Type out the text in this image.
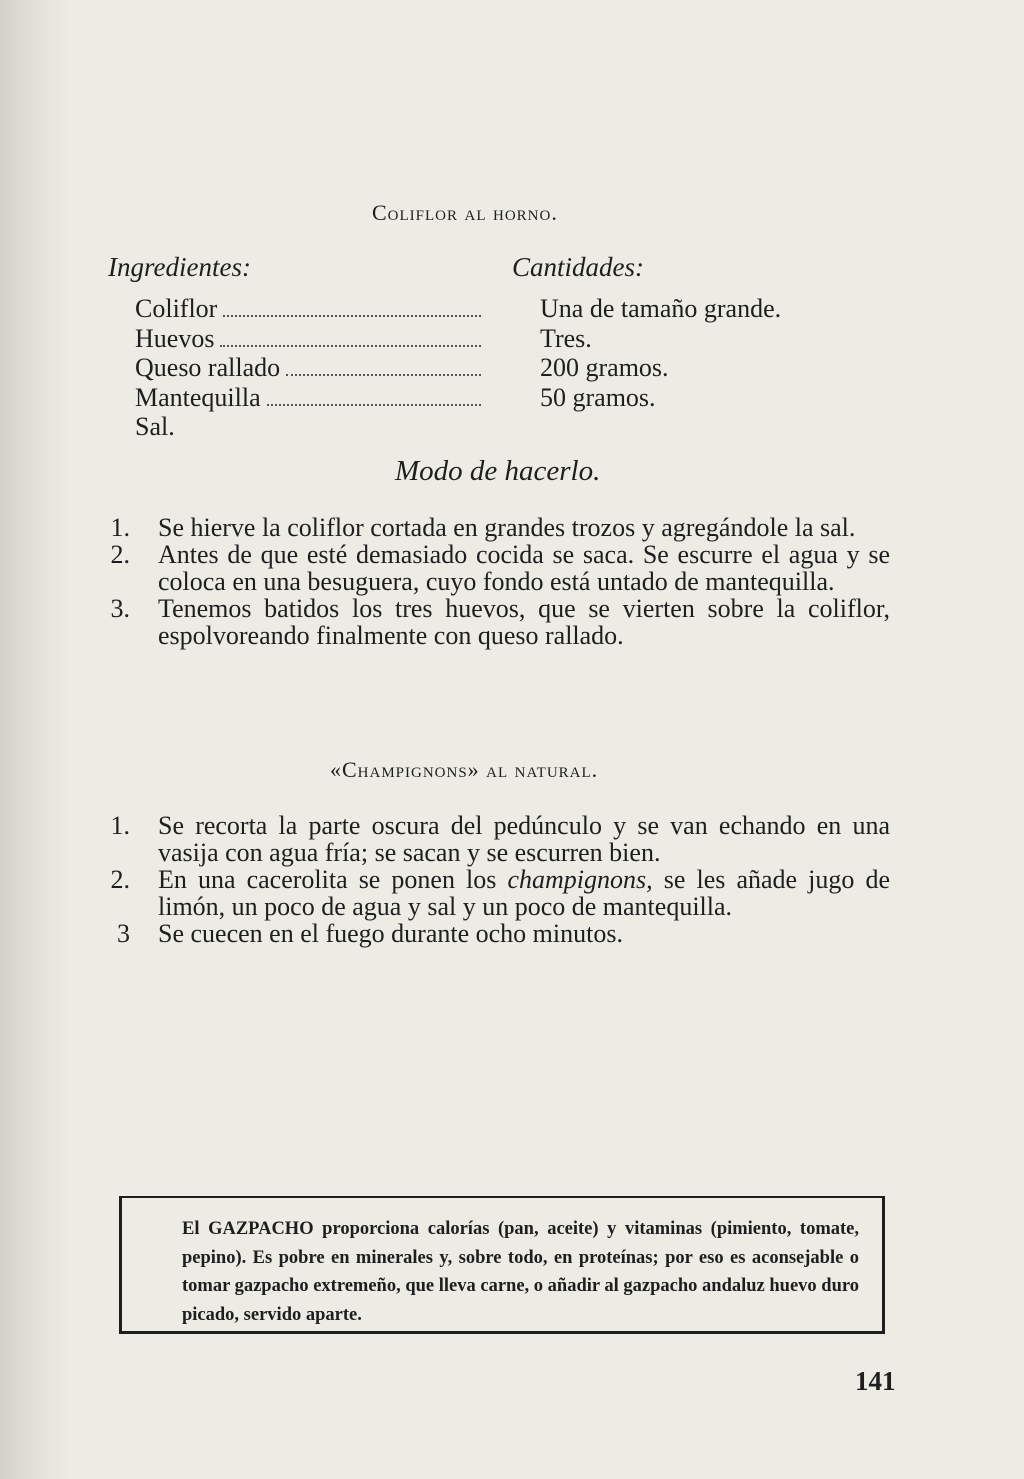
Coliflor al horno.
Ingredientes:	Cantidades:
Coliflor
Huevos
Queso rallado
Mantequilla
Sal.
Una de tamaño grande.
Tres.
200 gramos.
50 gramos.
Modo de hacerlo.
1. Se hierve la coliflor cortada en grandes trozos y agregándole la sal.
2. Antes de que esté demasiado cocida se saca. Se escurre el agua y se coloca en una besuguera, cuyo fondo está untado de mantequilla.
3. Tenemos batidos los tres huevos, que se vierten sobre la coliflor, espolvoreando finalmente con queso rallado.
«Champignons» al natural.
1. Se recorta la parte oscura del pedúnculo y se van echando en una vasija con agua fría; se sacan y se escurren bien.
2. En una cacerolita se ponen los champignons, se les añade jugo de limón, un poco de agua y sal y un poco de mantequilla.
3 Se cuecen en el fuego durante ocho minutos.
El GAZPACHO proporciona calorías (pan, aceite) y vitaminas (pimiento, tomate, pepino). Es pobre en minerales y, sobre todo, en proteínas; por eso es aconsejable o tomar gazpacho extremeño, que lleva carne, o añadir al gazpacho andaluz huevo duro picado, servido aparte.
141
